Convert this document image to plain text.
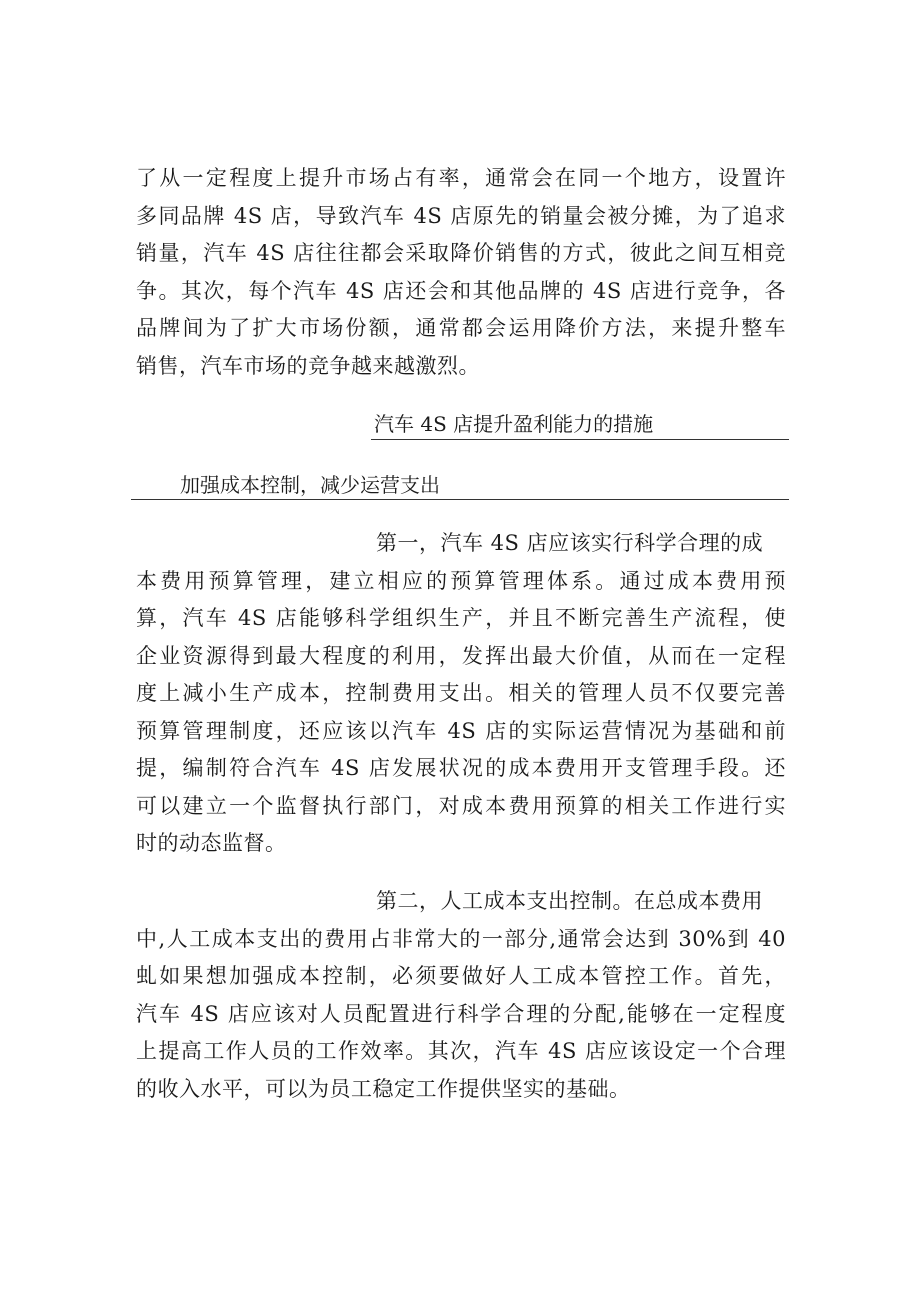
了从一定程度上提升市场占有率，通常会在同一个地方，设置许
多同品牌 4S 店，导致汽车 4S 店原先的销量会被分摊，为了追求
销量，汽车 4S 店往往都会采取降价销售的方式，彼此之间互相竞
争。其次，每个汽车 4S 店还会和其他品牌的 4S 店进行竞争，各
品牌间为了扩大市场份额，通常都会运用降价方法，来提升整车
销售，汽车市场的竞争越来越激烈。
汽车 4S 店提升盈利能力的措施
加强成本控制，减少运营支出
第一，汽车 4S 店应该实行科学合理的成
本费用预算管理，建立相应的预算管理体系。通过成本费用预
算，汽车 4S 店能够科学组织生产，并且不断完善生产流程，使
企业资源得到最大程度的利用，发挥出最大价值，从而在一定程
度上减小生产成本，控制费用支出。相关的管理人员不仅要完善
预算管理制度，还应该以汽车 4S 店的实际运营情况为基础和前
提，编制符合汽车 4S 店发展状况的成本费用开支管理手段。还
可以建立一个监督执行部门，对成本费用预算的相关工作进行实
时的动态监督。
第二，人工成本支出控制。在总成本费用
中,人工成本支出的费用占非常大的一部分,通常会达到 30%到 40
虬如果想加强成本控制，必须要做好人工成本管控工作。首先，
汽车 4S 店应该对人员配置进行科学合理的分配,能够在一定程度
上提高工作人员的工作效率。其次，汽车 4S 店应该设定一个合理
的收入水平，可以为员工稳定工作提供坚实的基础。
